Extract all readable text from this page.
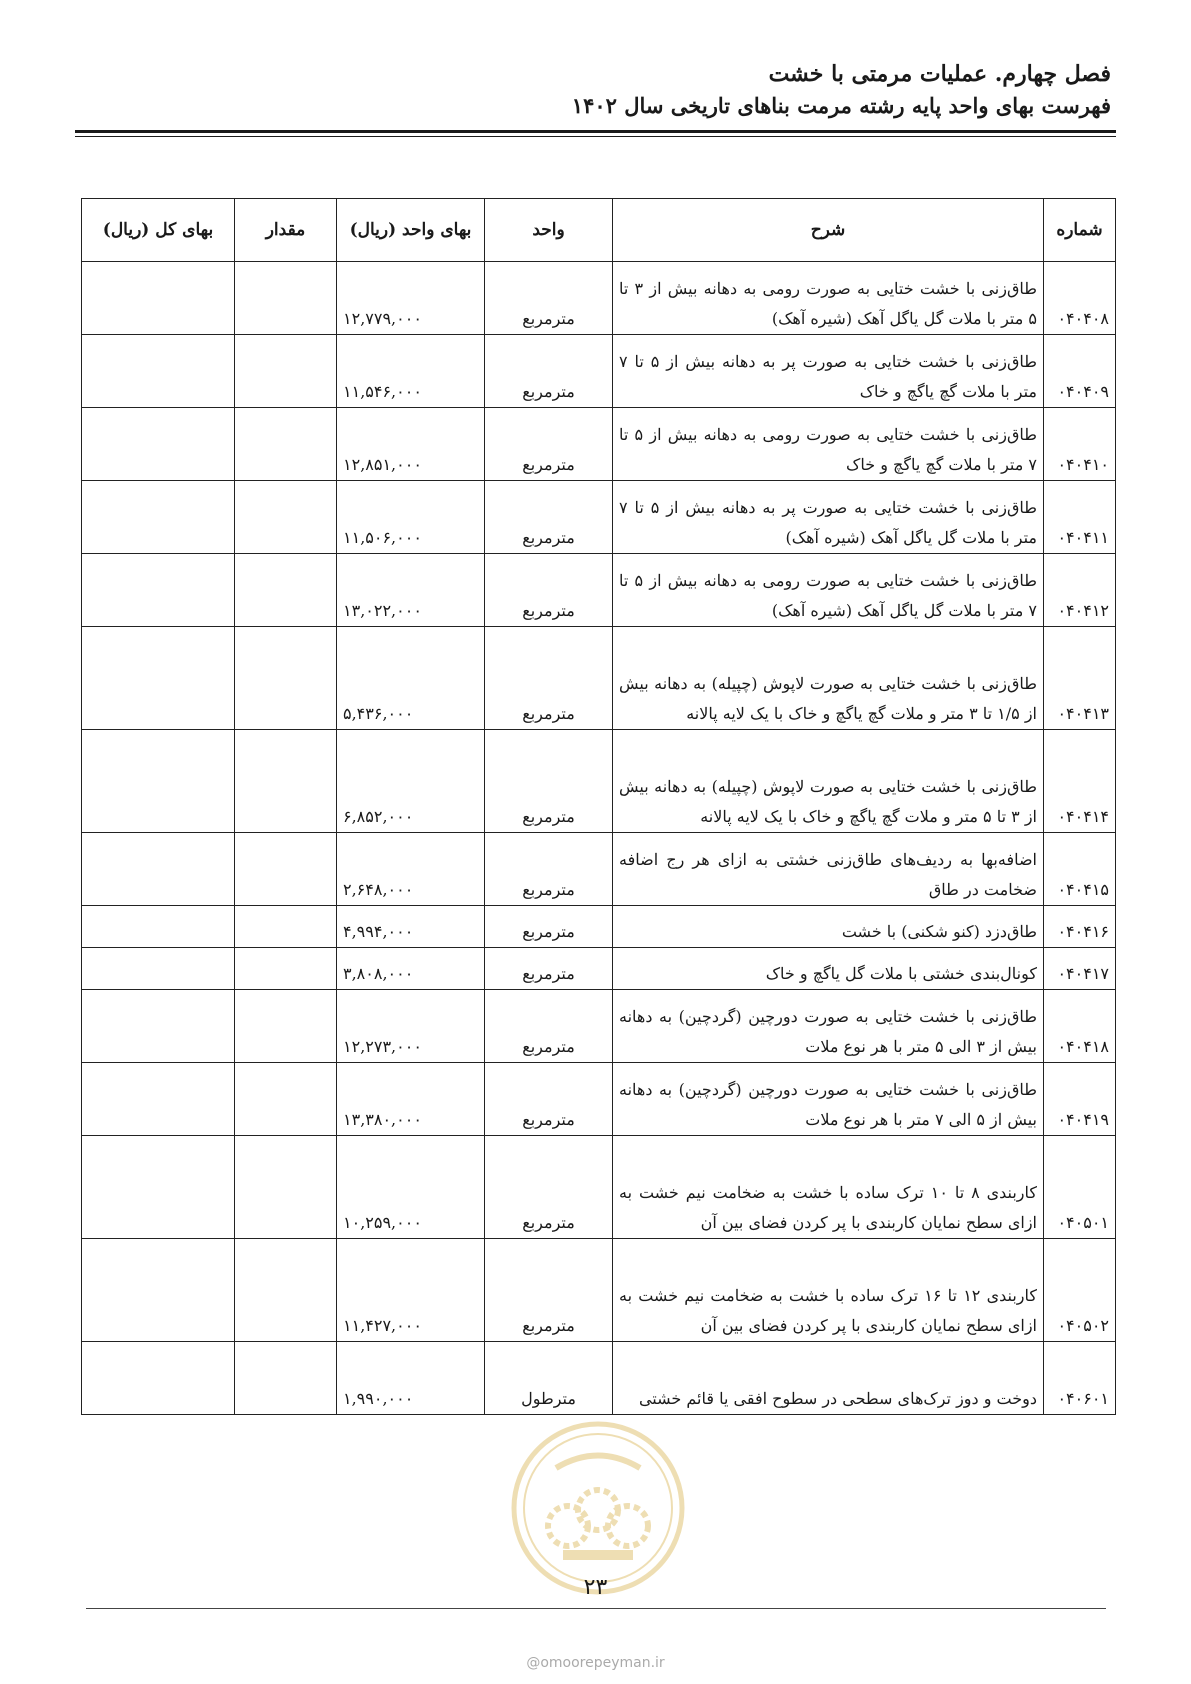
فصل چهارم. عملیات مرمتی با خشت
فهرست بهای واحد پایه رشته مرمت بناهای تاریخی سال ۱۴۰۲
شماره	شرح	واحد	بهای واحد (ریال)	مقدار	بهای کل (ریال)
۰۴۰۴۰۸	طاق‌زنی با خشت ختایی به صورت رومی به دهانه بیش از ۳ تا ۵ متر با ملات گل یاگل آهک (شیره آهک)	مترمربع	۱۲,۷۷۹,۰۰۰		
۰۴۰۴۰۹	طاق‌زنی با خشت ختایی به صورت پر به دهانه بیش از ۵ تا ۷ متر با ملات گچ یاگچ و خاک	مترمربع	۱۱,۵۴۶,۰۰۰		
۰۴۰۴۱۰	طاق‌زنی با خشت ختایی به صورت رومی به دهانه بیش از ۵ تا ۷ متر با ملات گچ یاگچ و خاک	مترمربع	۱۲,۸۵۱,۰۰۰		
۰۴۰۴۱۱	طاق‌زنی با خشت ختایی به صورت پر به دهانه بیش از ۵ تا ۷ متر با ملات گل یاگل آهک (شیره آهک)	مترمربع	۱۱,۵۰۶,۰۰۰		
۰۴۰۴۱۲	طاق‌زنی با خشت ختایی به صورت رومی به دهانه بیش از ۵ تا ۷ متر با ملات گل یاگل آهک (شیره آهک)	مترمربع	۱۳,۰۲۲,۰۰۰		
۰۴۰۴۱۳	طاق‌زنی با خشت ختایی به صورت لاپوش (چپیله) به دهانه بیش از ۱/۵ تا ۳ متر و ملات گچ یاگچ و خاک با یک لایه پالانه	مترمربع	۵,۴۳۶,۰۰۰		
۰۴۰۴۱۴	طاق‌زنی با خشت ختایی به صورت لاپوش (چپیله) به دهانه بیش از ۳ تا ۵ متر و ملات گچ یاگچ و خاک با یک لایه پالانه	مترمربع	۶,۸۵۲,۰۰۰		
۰۴۰۴۱۵	اضافه‌بها به ردیف‌های طاق‌زنی خشتی به ازای هر رج اضافه ضخامت در طاق	مترمربع	۲,۶۴۸,۰۰۰		
۰۴۰۴۱۶	طاق‌دزد (کنو شکنی) با خشت	مترمربع	۴,۹۹۴,۰۰۰		
۰۴۰۴۱۷	کونال‌بندی خشتی با ملات گل یاگچ و خاک	مترمربع	۳,۸۰۸,۰۰۰		
۰۴۰۴۱۸	طاق‌زنی با خشت ختایی به صورت دورچین (گردچین) به دهانه بیش از ۳ الی ۵ متر با هر نوع ملات	مترمربع	۱۲,۲۷۳,۰۰۰		
۰۴۰۴۱۹	طاق‌زنی با خشت ختایی به صورت دورچین (گردچین) به دهانه بیش از ۵ الی ۷ متر با هر نوع ملات	مترمربع	۱۳,۳۸۰,۰۰۰		
۰۴۰۵۰۱	کاربندی ۸ تا ۱۰ ترک ساده با خشت به ضخامت نیم خشت به ازای سطح نمایان کاربندی با پر کردن فضای بین آن	مترمربع	۱۰,۲۵۹,۰۰۰		
۰۴۰۵۰۲	کاربندی ۱۲ تا ۱۶ ترک ساده با خشت به ضخامت نیم خشت به ازای سطح نمایان کاربندی با پر کردن فضای بین آن	مترمربع	۱۱,۴۲۷,۰۰۰		
۰۴۰۶۰۱	دوخت و دوز ترک‌های سطحی در سطوح افقی یا قائم خشتی	مترطول	۱,۹۹۰,۰۰۰		
۲۳
@omoorepeyman.ir
